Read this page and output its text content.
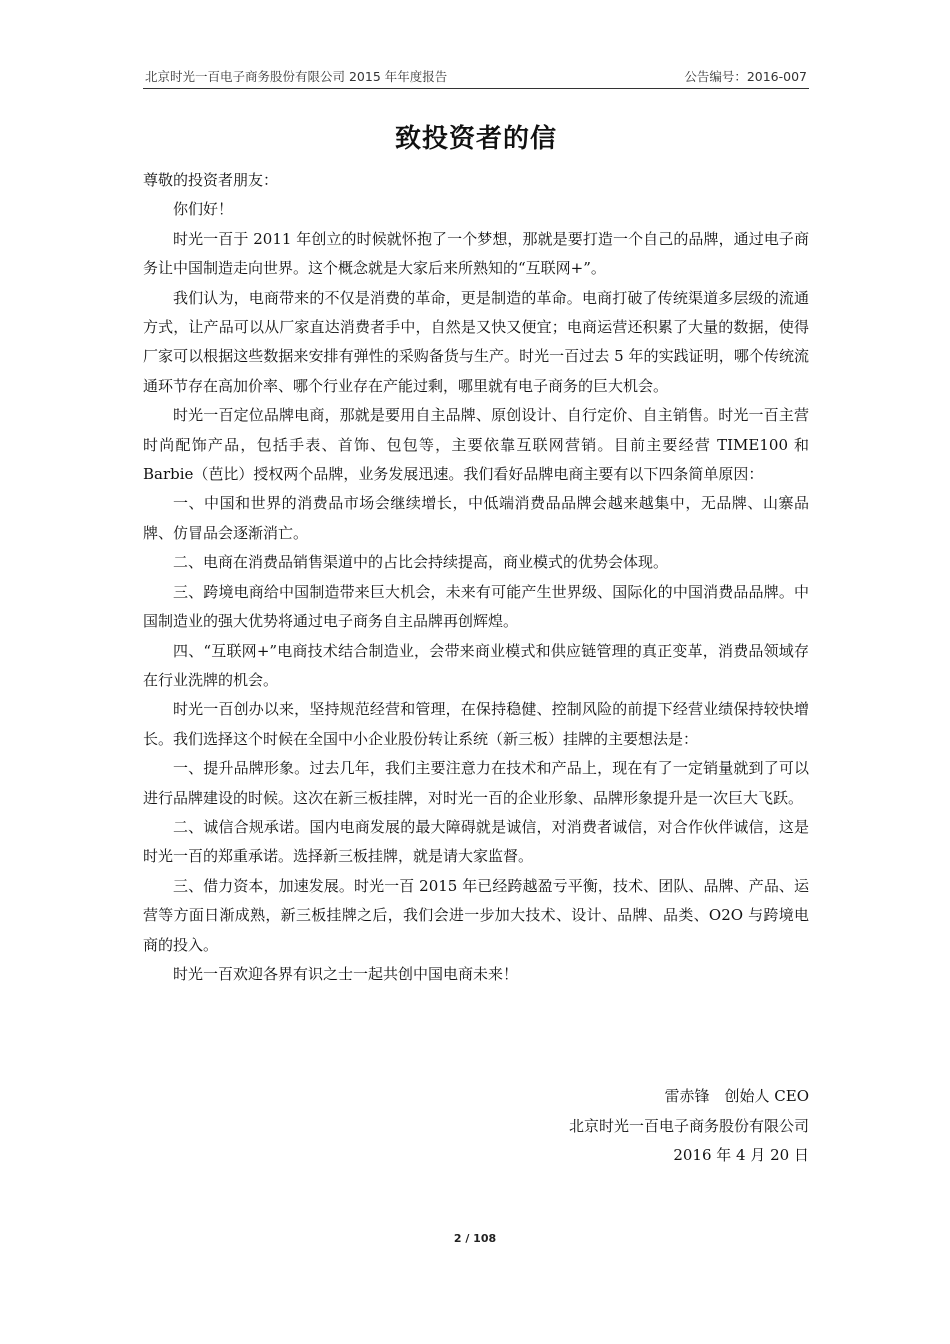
北京时光一百电子商务股份有限公司 2015 年年度报告	公告编号：2016-007
致投资者的信

尊敬的投资者朋友：

你们好！

时光一百于 2011 年创立的时候就怀抱了一个梦想，那就是要打造一个自己的品牌，通过电子商务让中国制造走向世界。这个概念就是大家后来所熟知的“互联网+”。

我们认为，电商带来的不仅是消费的革命，更是制造的革命。电商打破了传统渠道多层级的流通方式，让产品可以从厂家直达消费者手中，自然是又快又便宜；电商运营还积累了大量的数据，使得厂家可以根据这些数据来安排有弹性的采购备货与生产。时光一百过去 5 年的实践证明，哪个传统流通环节存在高加价率、哪个行业存在产能过剩，哪里就有电子商务的巨大机会。

时光一百定位品牌电商，那就是要用自主品牌、原创设计、自行定价、自主销售。时光一百主营时尚配饰产品，包括手表、首饰、包包等，主要依靠互联网营销。目前主要经营 TIME100 和 Barbie（芭比）授权两个品牌，业务发展迅速。我们看好品牌电商主要有以下四条简单原因：

一、中国和世界的消费品市场会继续增长，中低端消费品品牌会越来越集中，无品牌、山寨品牌、仿冒品会逐渐消亡。

二、电商在消费品销售渠道中的占比会持续提高，商业模式的优势会体现。

三、跨境电商给中国制造带来巨大机会，未来有可能产生世界级、国际化的中国消费品品牌。中国制造业的强大优势将通过电子商务自主品牌再创辉煌。

四、“互联网+”电商技术结合制造业，会带来商业模式和供应链管理的真正变革，消费品领域存在行业洗牌的机会。

时光一百创办以来，坚持规范经营和管理，在保持稳健、控制风险的前提下经营业绩保持较快增长。我们选择这个时候在全国中小企业股份转让系统（新三板）挂牌的主要想法是：

一、提升品牌形象。过去几年，我们主要注意力在技术和产品上，现在有了一定销量就到了可以进行品牌建设的时候。这次在新三板挂牌，对时光一百的企业形象、品牌形象提升是一次巨大飞跃。

二、诚信合规承诺。国内电商发展的最大障碍就是诚信，对消费者诚信，对合作伙伴诚信，这是时光一百的郑重承诺。选择新三板挂牌，就是请大家监督。

三、借力资本，加速发展。时光一百 2015 年已经跨越盈亏平衡，技术、团队、品牌、产品、运营等方面日渐成熟，新三板挂牌之后，我们会进一步加大技术、设计、品牌、品类、O2O 与跨境电商的投入。

时光一百欢迎各界有识之士一起共创中国电商未来！

雷赤锋　创始人 CEO
北京时光一百电子商务股份有限公司
2016 年 4 月 20 日
2 / 108
